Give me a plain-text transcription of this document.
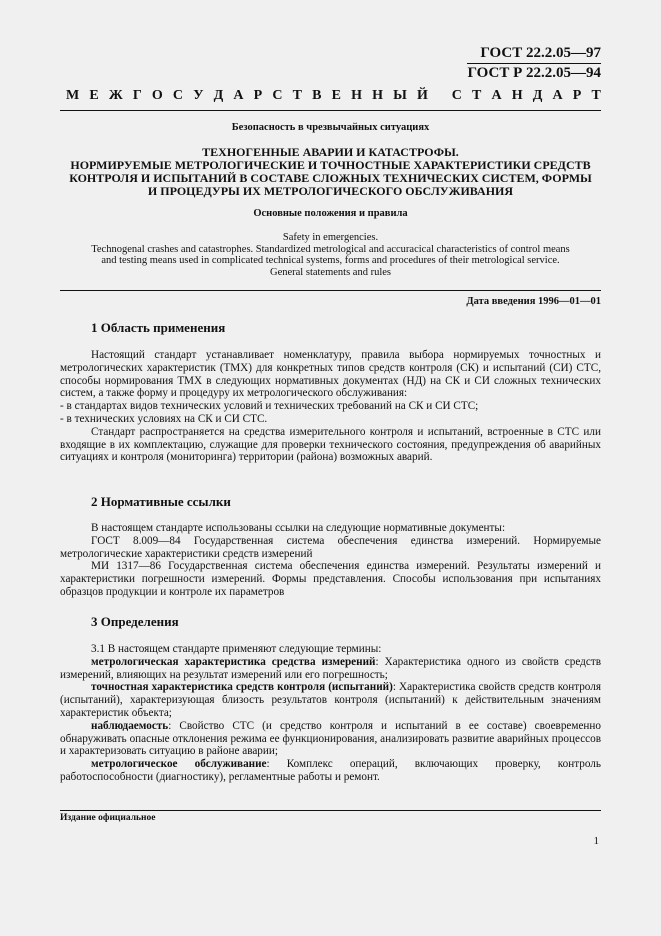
ГОСТ 22.2.05—97
ГОСТ Р 22.2.05—94
М Е Ж Г О С У Д А Р С Т В Е Н Н Ы Й
С Т А Н Д А Р Т
Безопасность в чрезвычайных ситуациях
ТЕХНОГЕННЫЕ АВАРИИ И КАТАСТРОФЫ.
НОРМИРУЕМЫЕ МЕТРОЛОГИЧЕСКИЕ И ТОЧНОСТНЫЕ ХАРАКТЕРИСТИКИ СРЕДСТВ
КОНТРОЛЯ И ИСПЫТАНИЙ В СОСТАВЕ СЛОЖНЫХ ТЕХНИЧЕСКИХ СИСТЕМ, ФОРМЫ
И ПРОЦЕДУРЫ ИХ МЕТРОЛОГИЧЕСКОГО ОБСЛУЖИВАНИЯ
Основные положения и правила
Safety in emergencies.
Technogenal crashes and catastrophes. Standardized metrological and accuracical characteristics of control means
and testing means used in complicated technical systems, forms and procedures of their metrological service.
General statements and rules
Дата введения 1996—01—01
1 Область применения

Настоящий стандарт устанавливает номенклатуру, правила выбора нормируемых точностных и метрологических характеристик (ТМХ) для конкретных типов средств контроля (СК) и испытаний (СИ) СТС, способы нормирования ТМХ в следующих нормативных документах (НД) на СК и СИ сложных технических систем, а также форму и процедуру их метрологического обслуживания:

- в стандартах видов технических условий и технических требований на СК и СИ СТС;

- в технических условиях на СК и СИ СТС.

Стандарт распространяется на средства измерительного контроля и испытаний, встроенные в СТС или входящие в их комплектацию, служащие для проверки технического состояния, предупреждения об аварийных ситуациях и контроля (мониторинга) территории (района) возможных аварий.

2 Нормативные ссылки

В настоящем стандарте использованы ссылки на следующие нормативные документы:

ГОСТ 8.009—84 Государственная система обеспечения единства измерений. Нормируемые метрологические характеристики средств измерений

МИ 1317—86 Государственная система обеспечения единства измерений. Результаты измерений и характеристики погрешности измерений. Формы представления. Способы использования при испытаниях образцов продукции и контроле их параметров

3 Определения

3.1 В настоящем стандарте применяют следующие термины:

метрологическая характеристика средства измерений: Характеристика одного из свойств средств измерений, влияющих на результат измерений или его погрешность;

точностная характеристика средств контроля (испытаний): Характеристика свойств средств контроля (испытаний), характеризующая близость результатов контроля (испытаний) к действительным значениям характеристик объекта;

наблюдаемость: Свойство СТС (и средство контроля и испытаний в ее составе) своевременно обнаруживать опасные отклонения режима ее функционирования, анализировать развитие аварийных процессов и характеризовать ситуацию в районе аварии;

метрологическое обслуживание: Комплекс операций, включающих проверку, контроль работоспособности (диагностику), регламентные работы и ремонт.

Издание официальное
1
